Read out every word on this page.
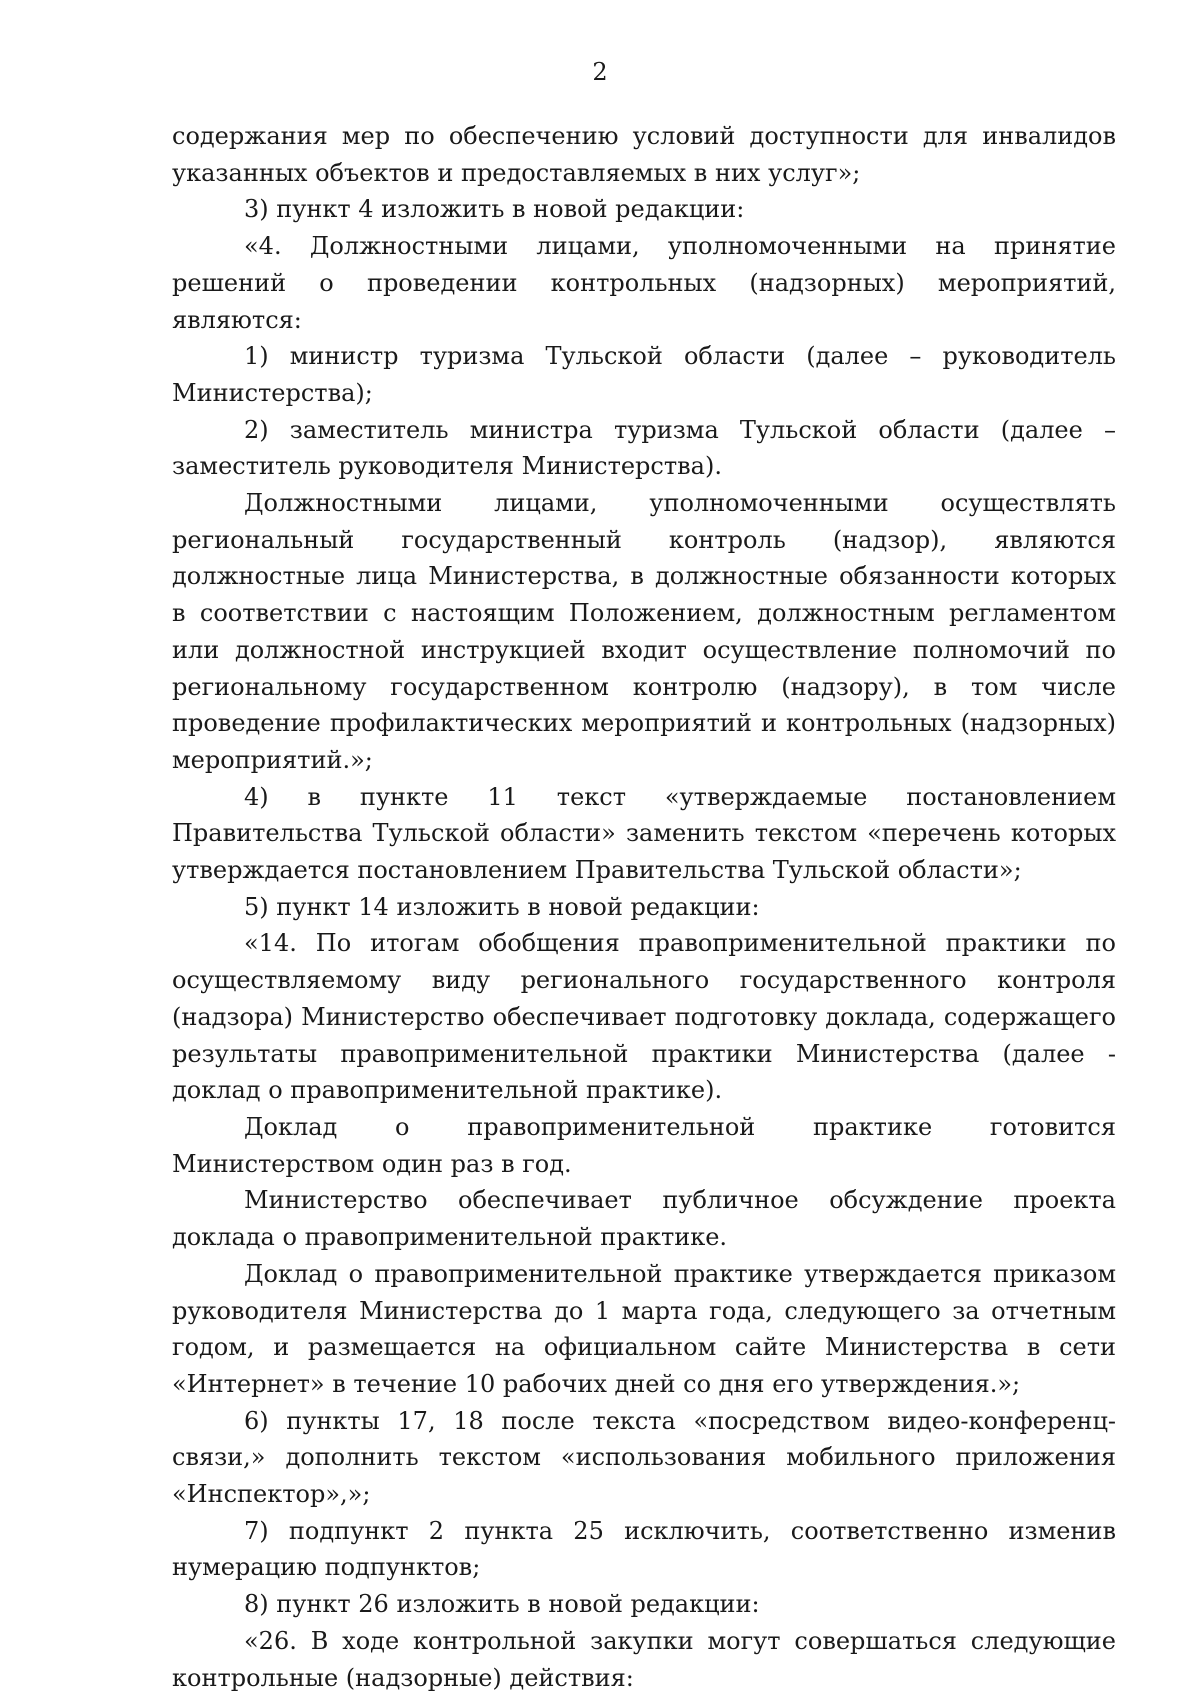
2

содержания мер по обеспечению условий доступности для инвалидов указанных объектов и предоставляемых в них услуг»;

3) пункт 4 изложить в новой редакции:

«4. Должностными лицами, уполномоченными на принятие решений о проведении контрольных (надзорных) мероприятий, являются:

1) министр туризма Тульской области (далее – руководитель Министерства);

2) заместитель министра туризма Тульской области (далее – заместитель руководителя Министерства).

Должностными лицами, уполномоченными осуществлять региональный государственный контроль (надзор), являются должностные лица Министерства, в должностные обязанности которых в соответствии с настоящим Положением, должностным регламентом или должностной инструкцией входит осуществление полномочий по региональному государственном контролю (надзору), в том числе проведение профилактических мероприятий и контрольных (надзорных) мероприятий.»;

4) в пункте 11 текст «утверждаемые постановлением Правительства Тульской области» заменить текстом «перечень которых утверждается постановлением Правительства Тульской области»;

5) пункт 14 изложить в новой редакции:

«14. По итогам обобщения правоприменительной практики по осуществляемому виду регионального государственного контроля (надзора) Министерство обеспечивает подготовку доклада, содержащего результаты правоприменительной практики Министерства (далее - доклад о правоприменительной практике).

Доклад о правоприменительной практике готовится Министерством один раз в год.

Министерство обеспечивает публичное обсуждение проекта доклада о правоприменительной практике.

Доклад о правоприменительной практике утверждается приказом руководителя Министерства до 1 марта года, следующего за отчетным годом, и размещается на официальном сайте Министерства в сети «Интернет» в течение 10 рабочих дней со дня его утверждения.»;

6) пункты 17, 18 после текста «посредством видео-конференц-связи,» дополнить текстом «использования мобильного приложения «Инспектор»,»;

7) подпункт 2 пункта 25 исключить, соответственно изменив нумерацию подпунктов;

8) пункт 26 изложить в новой редакции:

«26. В ходе контрольной закупки могут совершаться следующие контрольные (надзорные) действия:
